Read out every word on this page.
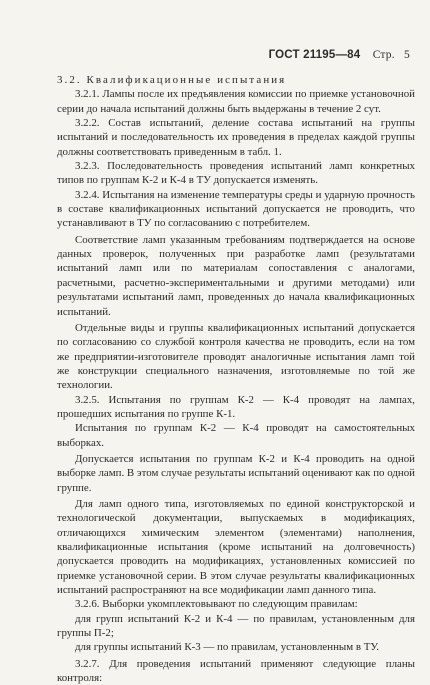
ГОСТ 21195—84 Стр. 5

3.2. Квалификационные испытания

3.2.1. Лампы после их предъявления комиссии по приемке установочной серии до начала испытаний должны быть выдержаны в течение 2 сут.

3.2.2. Состав испытаний, деление состава испытаний на группы испытаний и последовательность их проведения в пределах каждой группы должны соответствовать приведенным в табл. 1.

3.2.3. Последовательность проведения испытаний ламп конкретных типов по группам К-2 и К-4 в ТУ допускается изменять.

3.2.4. Испытания на изменение температуры среды и ударную прочность в составе квалификационных испытаний допускается не проводить, что устанавливают в ТУ по согласованию с потребителем.

Соответствие ламп указанным требованиям подтверждается на основе данных проверок, полученных при разработке ламп (результатами испытаний ламп или по материалам сопоставления с аналогами, расчетными, расчетно-экспериментальными и другими методами) или результатами испытаний ламп, проведенных до начала квалификационных испытаний.

Отдельные виды и группы квалификационных испытаний допускается по согласованию со службой контроля качества не проводить, если на том же предприятии-изготовителе проводят аналогичные испытания ламп той же конструкции специального назначения, изготовляемые по той же технологии.

3.2.5. Испытания по группам К-2 — К-4 проводят на лампах, прошедших испытания по группе К-1.

Испытания по группам К-2 — К-4 проводят на самостоятельных выборках.

Допускается испытания по группам К-2 и К-4 проводить на одной выборке ламп. В этом случае результаты испытаний оценивают как по одной группе.

Для ламп одного типа, изготовляемых по единой конструкторской и технологической документации, выпускаемых в модификациях, отличающихся химическим элементом (элементами) наполнения, квалификационные испытания (кроме испытаний на долговечность) допускается проводить на модификациях, установленных комиссией по приемке установочной серии. В этом случае результаты квалификационных испытаний распространяют на все модификации ламп данного типа.

3.2.6. Выборки укомплектовывают по следующим правилам:

для групп испытаний К-2 и К-4 — по правилам, установленным для группы П-2;

для группы испытаний К-3 — по правилам, установленным в ТУ.

3.2.7. Для проведения испытаний применяют следующие планы контроля:
